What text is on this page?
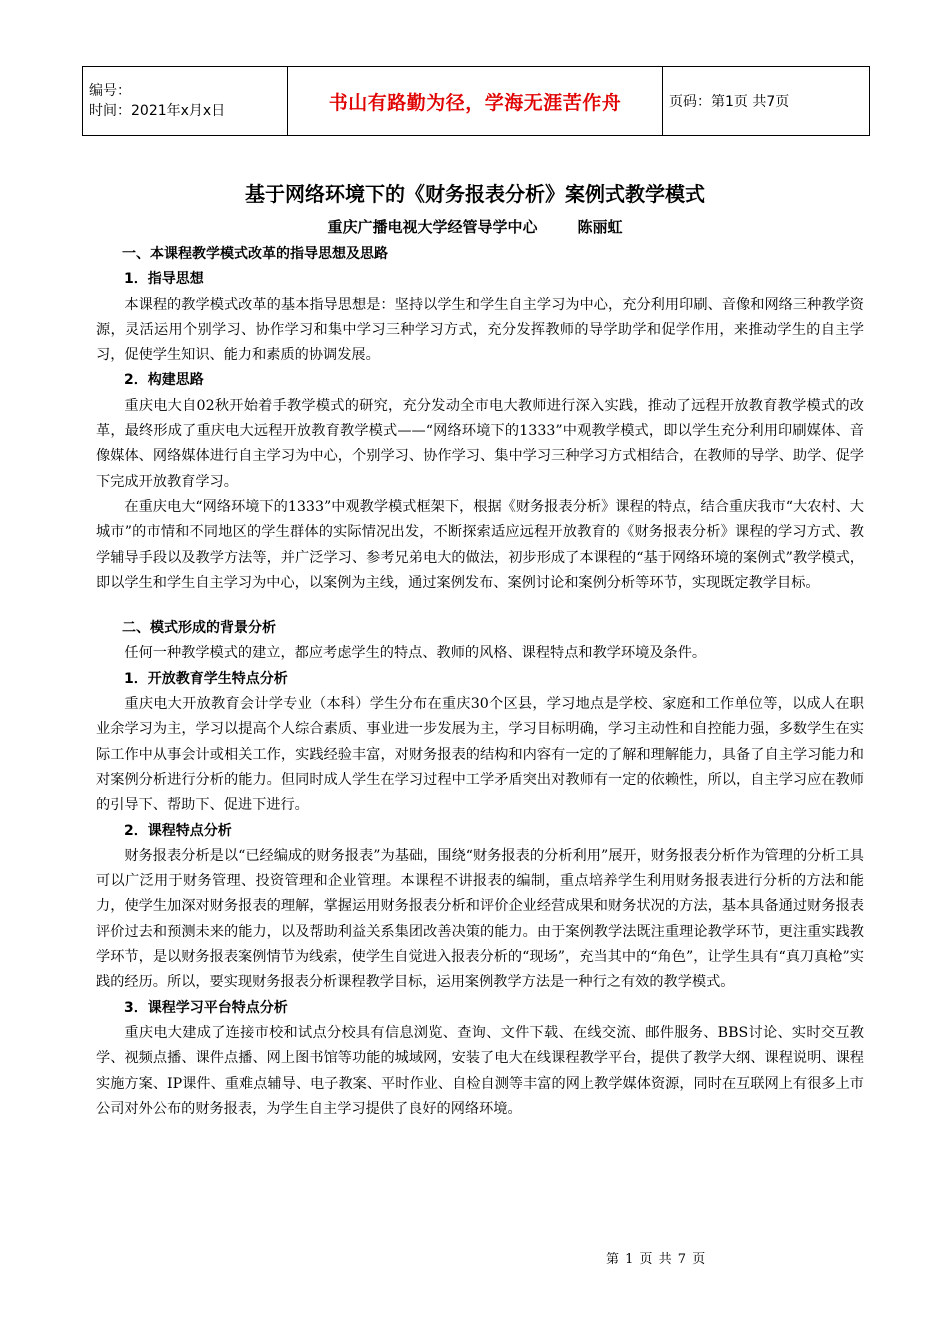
编号：
时间：2021年x月x日	书山有路勤为径，学海无涯苦作舟	页码：第1页 共7页
基于网络环境下的《财务报表分析》案例式教学模式
重庆广播电视大学经管导学中心	陈丽虹

一、本课程教学模式改革的指导思想及思路

1．指导思想

本课程的教学模式改革的基本指导思想是：坚持以学生和学生自主学习为中心，充分利用印刷、音像和网络三种教学资源，灵活运用个别学习、协作学习和集中学习三种学习方式，充分发挥教师的导学助学和促学作用，来推动学生的自主学习，促使学生知识、能力和素质的协调发展。

2．构建思路

重庆电大自02秋开始着手教学模式的研究，充分发动全市电大教师进行深入实践，推动了远程开放教育教学模式的改革，最终形成了重庆电大远程开放教育教学模式——“网络环境下的1333”中观教学模式，即以学生充分利用印刷媒体、音像媒体、网络媒体进行自主学习为中心，个别学习、协作学习、集中学习三种学习方式相结合，在教师的导学、助学、促学下完成开放教育学习。

在重庆电大“网络环境下的1333”中观教学模式框架下，根据《财务报表分析》课程的特点，结合重庆我市“大农村、大城市”的市情和不同地区的学生群体的实际情况出发，不断探索适应远程开放教育的《财务报表分析》课程的学习方式、教学辅导手段以及教学方法等，并广泛学习、参考兄弟电大的做法，初步形成了本课程的“基于网络环境的案例式”教学模式，即以学生和学生自主学习为中心，以案例为主线，通过案例发布、案例讨论和案例分析等环节，实现既定教学目标。

二、模式形成的背景分析

任何一种教学模式的建立，都应考虑学生的特点、教师的风格、课程特点和教学环境及条件。

1．开放教育学生特点分析

重庆电大开放教育会计学专业（本科）学生分布在重庆30个区县，学习地点是学校、家庭和工作单位等，以成人在职业余学习为主，学习以提高个人综合素质、事业进一步发展为主，学习目标明确，学习主动性和自控能力强，多数学生在实际工作中从事会计或相关工作，实践经验丰富，对财务报表的结构和内容有一定的了解和理解能力，具备了自主学习能力和对案例分析进行分析的能力。但同时成人学生在学习过程中工学矛盾突出对教师有一定的依赖性，所以，自主学习应在教师的引导下、帮助下、促进下进行。

2．课程特点分析

财务报表分析是以“已经编成的财务报表”为基础，围绕“财务报表的分析利用”展开，财务报表分析作为管理的分析工具可以广泛用于财务管理、投资管理和企业管理。本课程不讲报表的编制，重点培养学生利用财务报表进行分析的方法和能力，使学生加深对财务报表的理解，掌握运用财务报表分析和评价企业经营成果和财务状况的方法，基本具备通过财务报表评价过去和预测未来的能力，以及帮助利益关系集团改善决策的能力。由于案例教学法既注重理论教学环节，更注重实践教学环节，是以财务报表案例情节为线索，使学生自觉进入报表分析的“现场”，充当其中的“角色”，让学生具有“真刀真枪”实践的经历。所以，要实现财务报表分析课程教学目标，运用案例教学方法是一种行之有效的教学模式。

3．课程学习平台特点分析

重庆电大建成了连接市校和试点分校具有信息浏览、查询、文件下载、在线交流、邮件服务、BBS讨论、实时交互教学、视频点播、课件点播、网上图书馆等功能的城域网，安装了电大在线课程教学平台，提供了教学大纲、课程说明、课程实施方案、IP课件、重难点辅导、电子教案、平时作业、自检自测等丰富的网上教学媒体资源，同时在互联网上有很多上市公司对外公布的财务报表，为学生自主学习提供了良好的网络环境。

第 1 页 共 7 页
